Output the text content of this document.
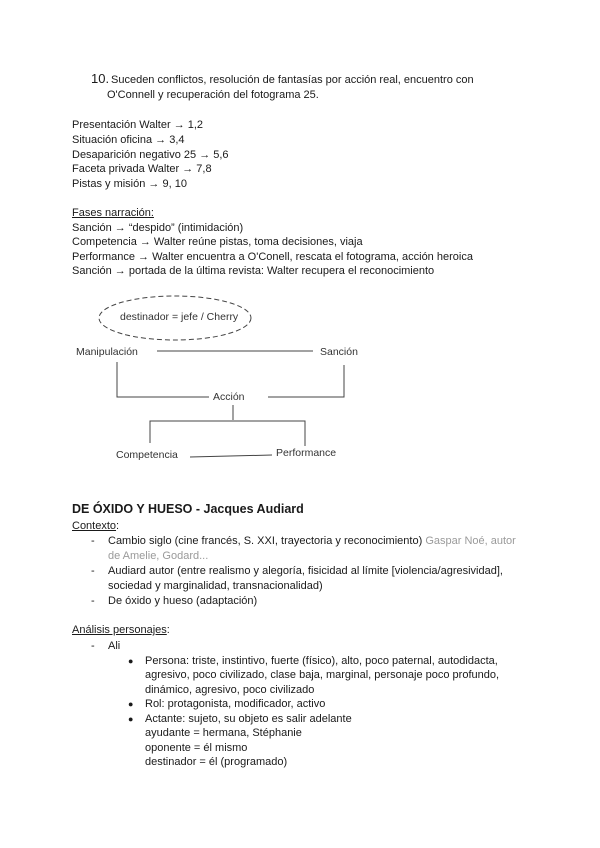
10. Suceden conflictos, resolución de fantasías por acción real, encuentro con
O'Connell y recuperación del fotograma 25.
Presentación Walter → 1,2
Situación oficina → 3,4
Desaparición negativo 25 → 5,6
Faceta privada Walter → 7,8
Pistas y misión → 9, 10
Fases narración:
Sanción → “despido” (intimidación)
Competencia → Walter reúne pistas, toma decisiones, viaja
Performance → Walter encuentra a O'Conell, rescata el fotograma, acción heroica
Sanción → portada de la última revista: Walter recupera el reconocimiento
destinador = jefe / Cherry
Manipulación	Sanción
Acción
Competencia	Performance
DE ÓXIDO Y HUESO - Jacques Audiard
Contexto:
- Cambio siglo (cine francés, S. XXI, trayectoria y reconocimiento) Gaspar Noé, autor
de Amelie, Godard...
- Audiard autor (entre realismo y alegoría, fisicidad al límite [violencia/agresividad],
sociedad y marginalidad, transnacionalidad)
- De óxido y hueso (adaptación)
Análisis personajes:
- Ali
● Persona: triste, instintivo, fuerte (físico), alto, poco paternal, autodidacta,
agresivo, poco civilizado, clase baja, marginal, personaje poco profundo,
dinámico, agresivo, poco civilizado
● Rol: protagonista, modificador, activo
● Actante: sujeto, su objeto es salir adelante
ayudante = hermana, Stéphanie
oponente = él mismo
destinador = él (programado)
